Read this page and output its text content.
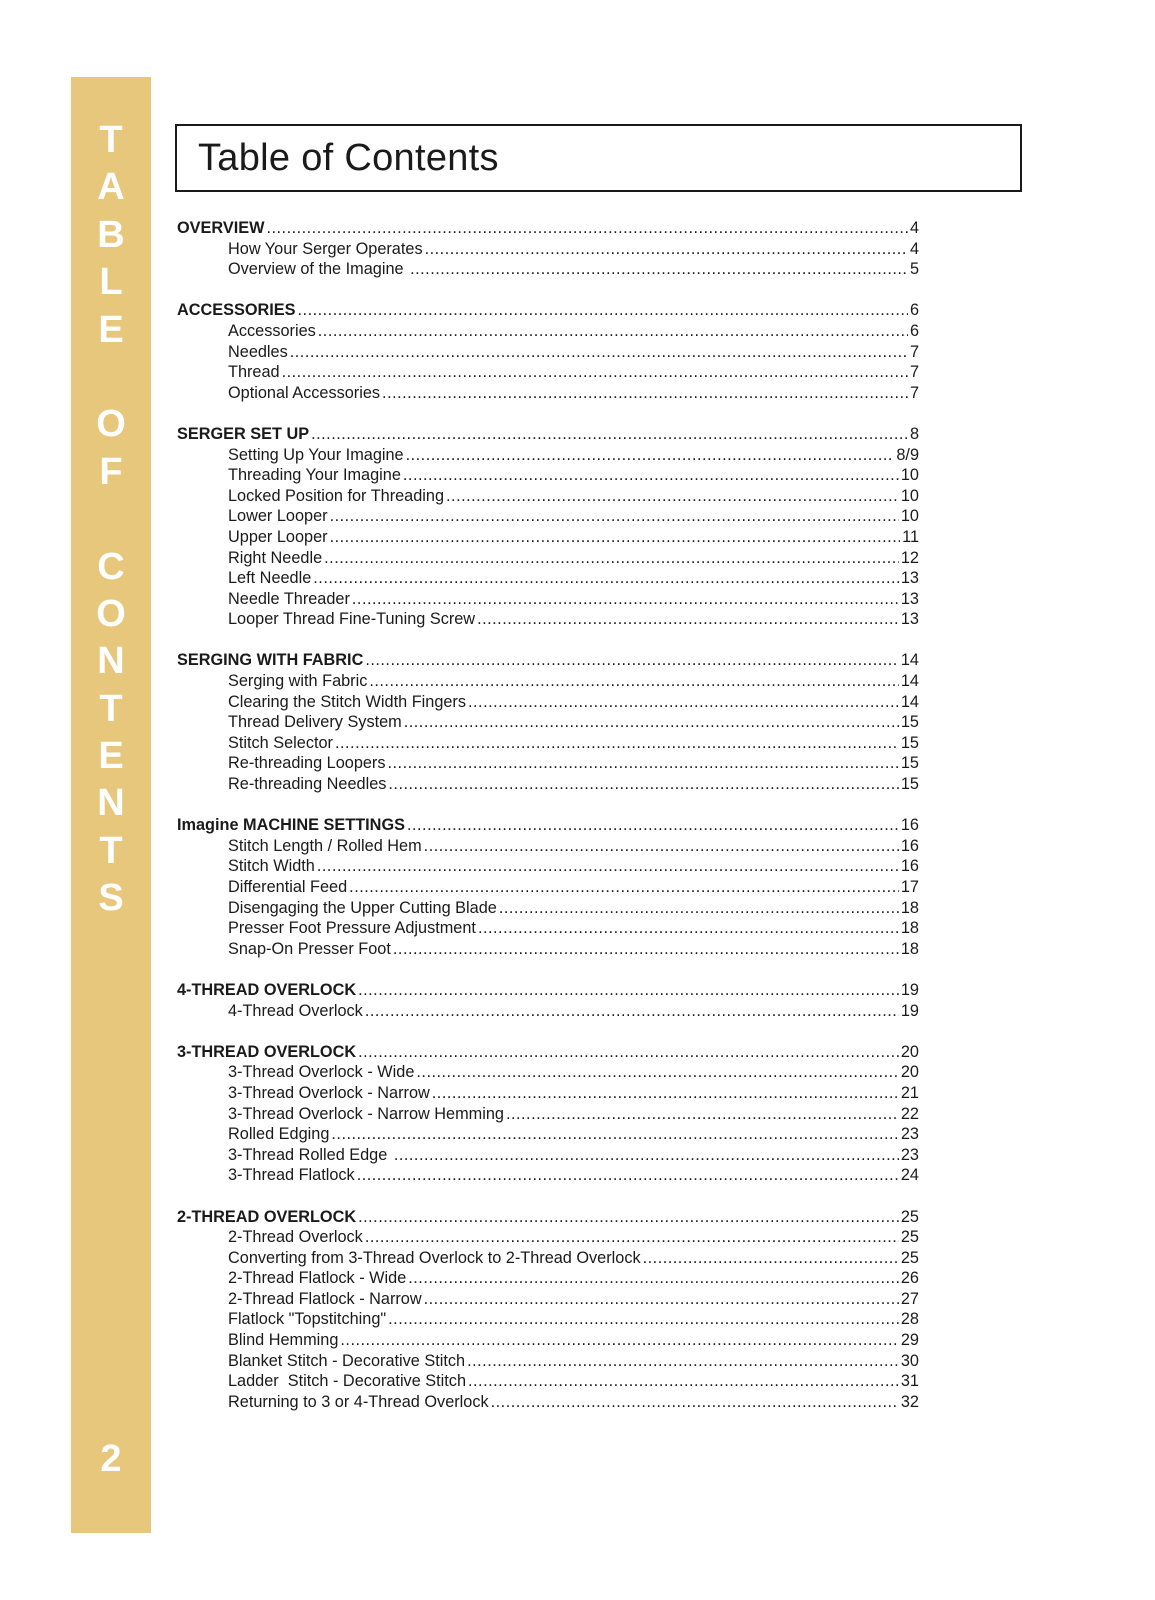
T
A
B
L
E

O
F

C
O
N
T
E
N
T
S
2
Table of Contents
OVERVIEW .....	4
How Your Serger Operates .....	4
Overview of the Imagine .....	5
ACCESSORIES .....	6
Accessories .....	6
Needles .....	7
Thread .....	7
Optional Accessories .....	7
SERGER SET UP .....	8
Setting Up Your Imagine .....	8/9
Threading Your Imagine .....	10
Locked Position for Threading .....	10
Lower Looper .....	10
Upper Looper .....	11
Right Needle .....	12
Left Needle .....	13
Needle Threader .....	13
Looper Thread Fine-Tuning Screw .....	13
SERGING WITH FABRIC .....	14
Serging with Fabric .....	14
Clearing the Stitch Width Fingers .....	14
Thread Delivery System .....	15
Stitch Selector .....	15
Re-threading Loopers .....	15
Re-threading Needles .....	15
Imagine MACHINE SETTINGS .....	16
Stitch Length / Rolled Hem .....	16
Stitch Width .....	16
Differential Feed .....	17
Disengaging the Upper Cutting Blade .....	18
Presser Foot Pressure Adjustment .....	18
Snap-On Presser Foot .....	18
4-THREAD OVERLOCK .....	19
4-Thread Overlock .....	19
3-THREAD OVERLOCK .....	20
3-Thread Overlock - Wide .....	20
3-Thread Overlock - Narrow .....	21
3-Thread Overlock - Narrow Hemming .....	22
Rolled Edging .....	23
3-Thread Rolled Edge .....	23
3-Thread Flatlock .....	24
2-THREAD OVERLOCK .....	25
2-Thread Overlock .....	25
Converting from 3-Thread Overlock to 2-Thread Overlock .....	25
2-Thread Flatlock - Wide .....	26
2-Thread Flatlock - Narrow .....	27
Flatlock "Topstitching" .....	28
Blind Hemming .....	29
Blanket Stitch - Decorative Stitch .....	30
Ladder  Stitch - Decorative Stitch .....	31
Returning to 3 or 4-Thread Overlock .....	32
